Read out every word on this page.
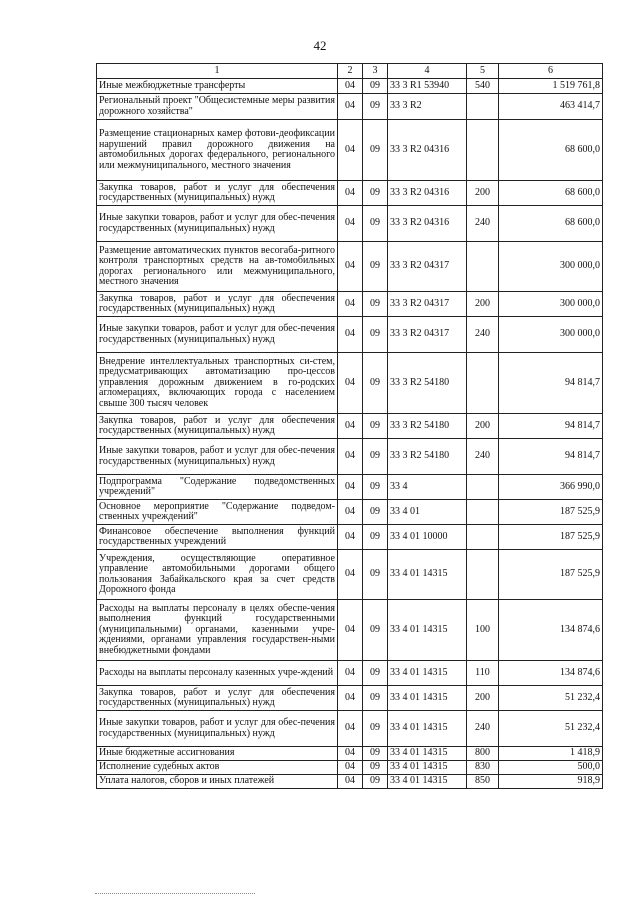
42
1	2	3	4	5	6
Иные межбюджетные трансферты	04	09	33 3 R1 53940	540	1 519 761,8
Региональный проект "Общесистемные меры развития дорожного хозяйства"	04	09	33 3 R2		463 414,7
Размещение стационарных камер фотови-деофиксации нарушений правил дорожного движения на автомобильных дорогах федерального, регионального или межмуниципального, местного значения	04	09	33 3 R2 04316		68 600,0
Закупка товаров, работ и услуг для обеспечения государственных (муниципальных) нужд	04	09	33 3 R2 04316	200	68 600,0
Иные закупки товаров, работ и услуг для обес-печения государственных (муниципальных) нужд	04	09	33 3 R2 04316	240	68 600,0
Размещение автоматических пунктов весогаба-ритного контроля транспортных средств на ав-томобильных дорогах регионального или межмуниципального, местного значения	04	09	33 3 R2 04317		300 000,0
Закупка товаров, работ и услуг для обеспечения государственных (муниципальных) нужд	04	09	33 3 R2 04317	200	300 000,0
Иные закупки товаров, работ и услуг для обес-печения государственных (муниципальных) нужд	04	09	33 3 R2 04317	240	300 000,0
Внедрение интеллектуальных транспортных си-стем, предусматривающих автоматизацию про-цессов управления дорожным движением в го-родских агломерациях, включающих города с населением свыше 300 тысяч человек	04	09	33 3 R2 54180		94 814,7
Закупка товаров, работ и услуг для обеспечения государственных (муниципальных) нужд	04	09	33 3 R2 54180	200	94 814,7
Иные закупки товаров, работ и услуг для обес-печения государственных (муниципальных) нужд	04	09	33 3 R2 54180	240	94 814,7
Подпрограмма "Содержание подведомственных учреждений"	04	09	33 4		366 990,0
Основное мероприятие "Содержание подведом-ственных учреждений"	04	09	33 4 01		187 525,9
Финансовое обеспечение выполнения функций государственных учреждений	04	09	33 4 01 10000		187 525,9
Учреждения, осуществляющие оперативное управление автомобильными дорогами общего пользования Забайкальского края за счет средств Дорожного фонда	04	09	33 4 01 14315		187 525,9
Расходы на выплаты персоналу в целях обеспе-чения выполнения функций государственными (муниципальными) органами, казенными учре-ждениями, органами управления государствен-ными внебюджетными фондами	04	09	33 4 01 14315	100	134 874,6
Расходы на выплаты персоналу казенных учре-ждений	04	09	33 4 01 14315	110	134 874,6
Закупка товаров, работ и услуг для обеспечения государственных (муниципальных) нужд	04	09	33 4 01 14315	200	51 232,4
Иные закупки товаров, работ и услуг для обес-печения государственных (муниципальных) нужд	04	09	33 4 01 14315	240	51 232,4
Иные бюджетные ассигнования	04	09	33 4 01 14315	800	1 418,9
Исполнение судебных актов	04	09	33 4 01 14315	830	500,0
Уплата налогов, сборов и иных платежей	04	09	33 4 01 14315	850	918,9
